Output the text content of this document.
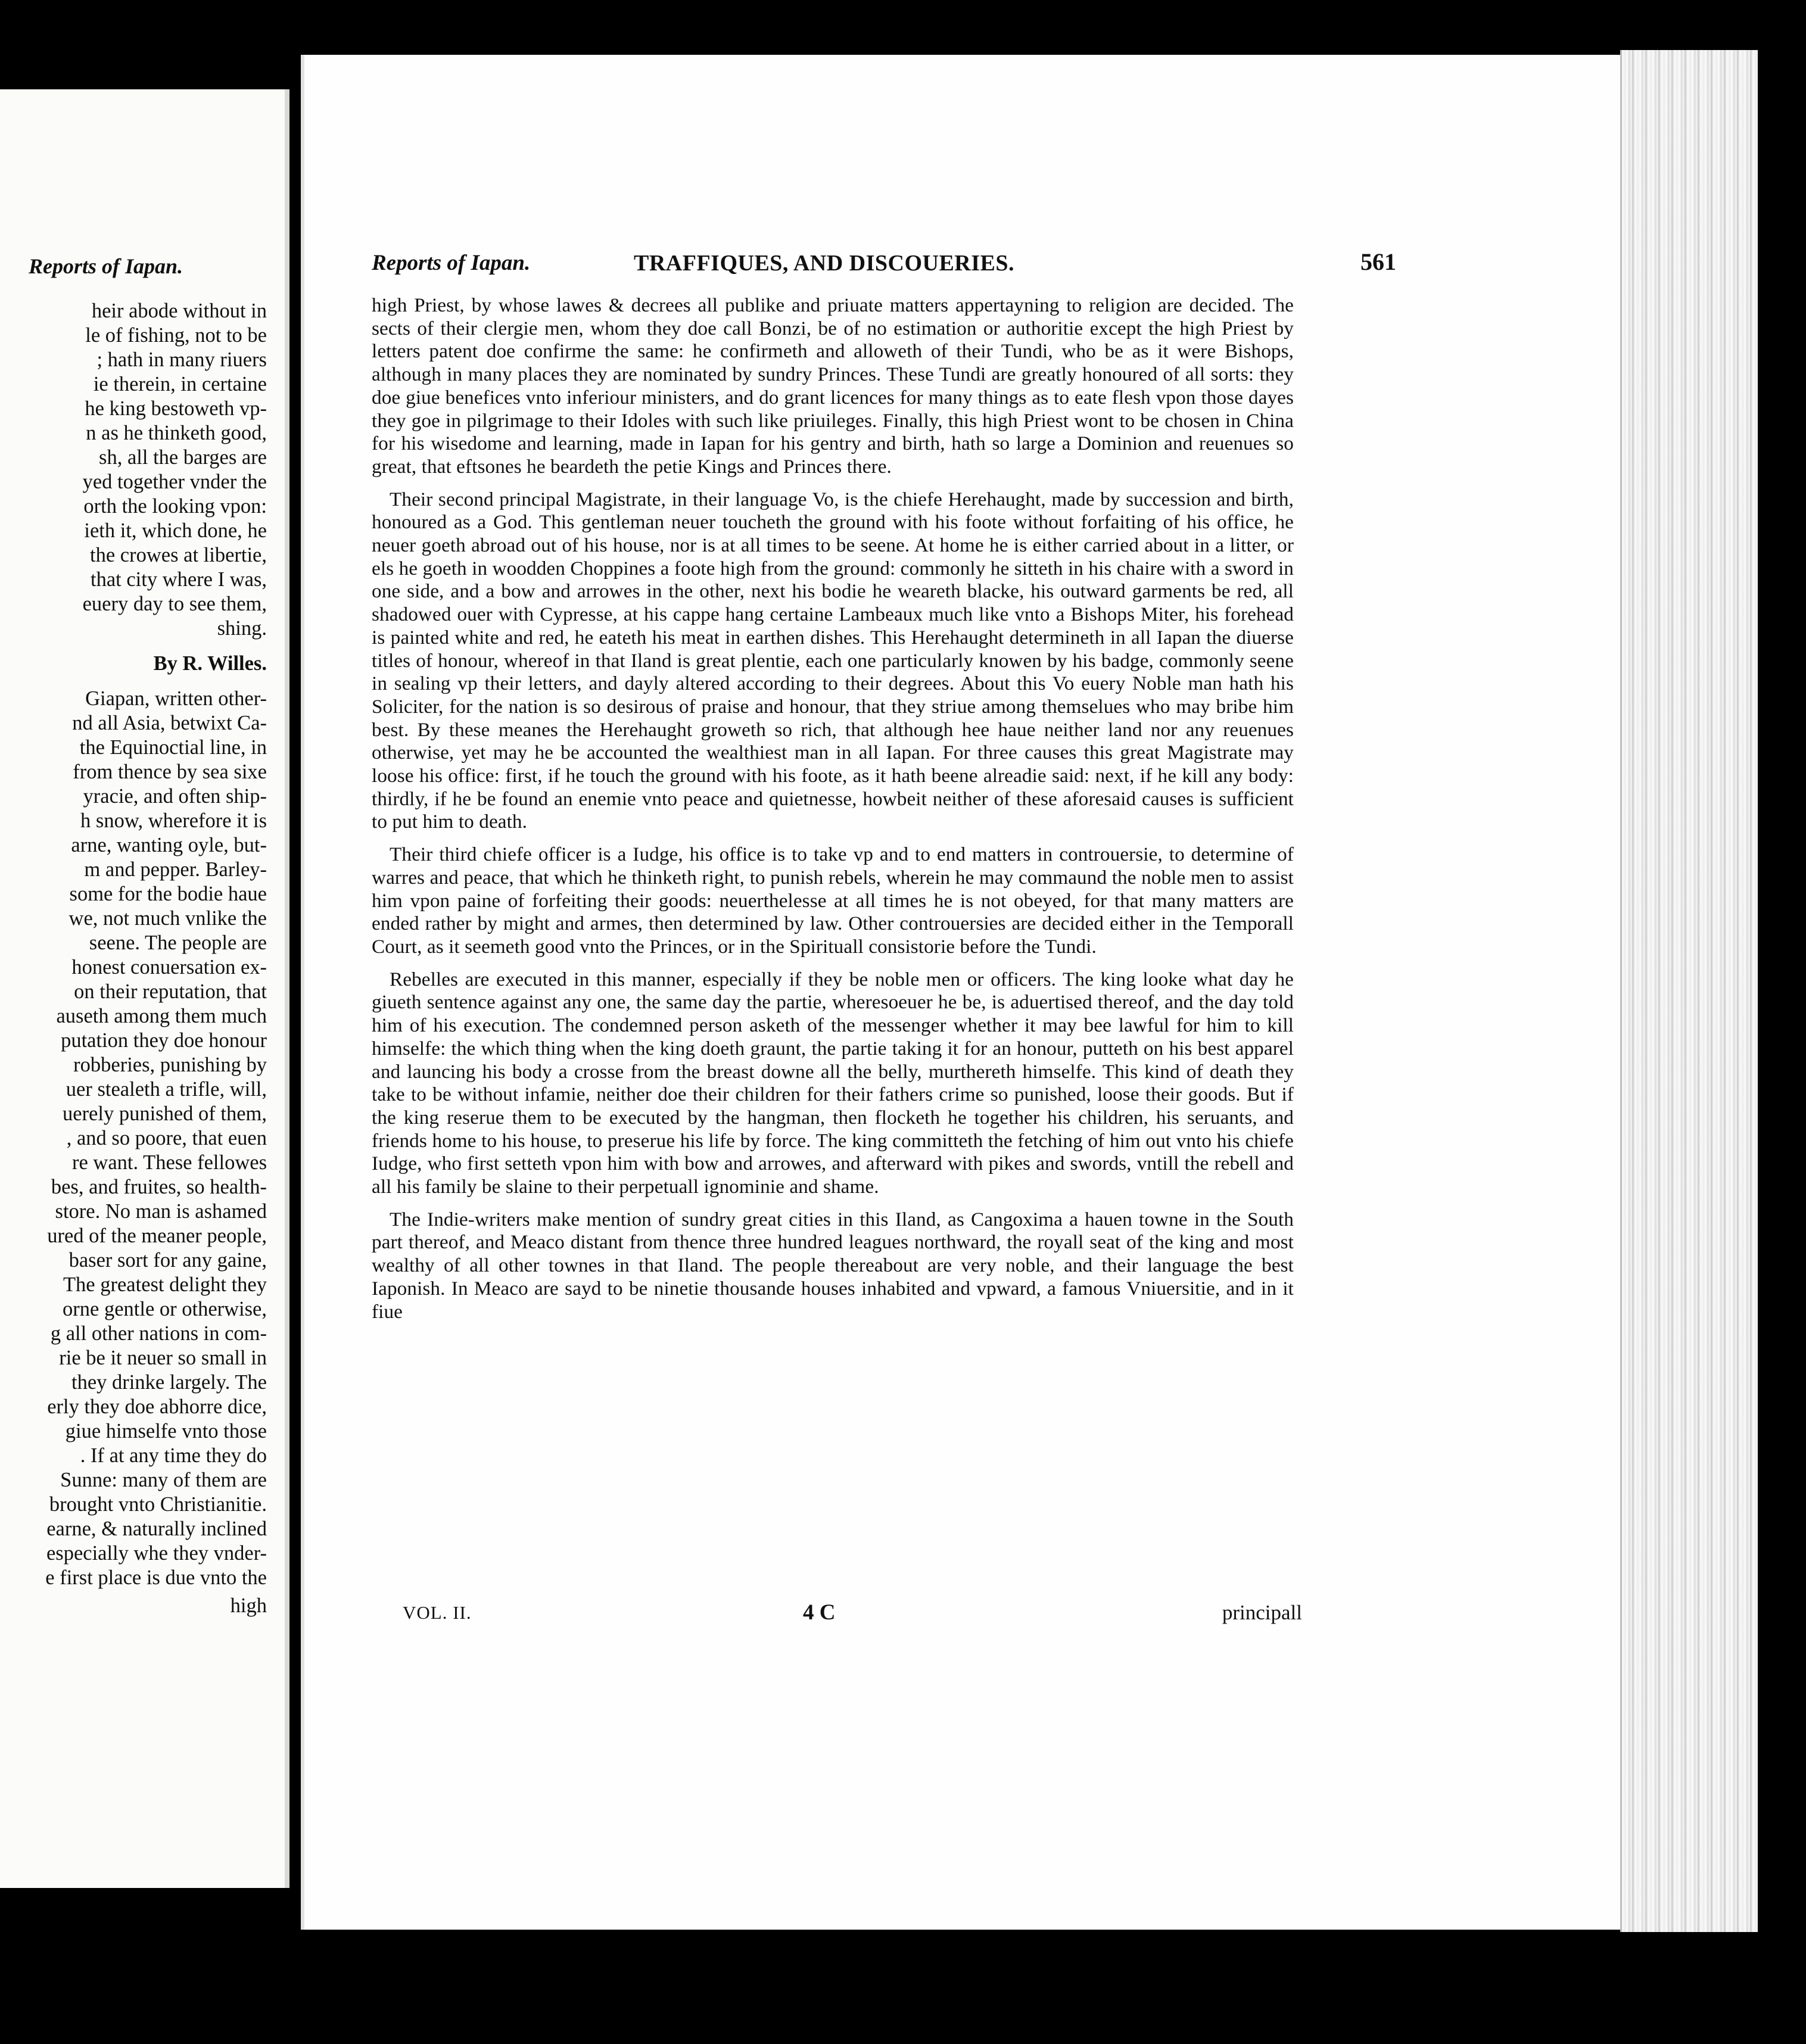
Reports of Iapan.
heir abode without in
le of fishing, not to be
; hath in many riuers
ie therein, in certaine
he king bestoweth vp-
n as he thinketh good,
sh, all the barges are
yed together vnder the
orth the looking vpon:
ieth it, which done, he
the crowes at libertie,
that city where I was,
euery day to see them,
shing.
By R. Willes.
Giapan, written other-
nd all Asia, betwixt Ca-
the Equinoctial line, in
from thence by sea sixe
yracie, and often ship-
h snow, wherefore it is
arne, wanting oyle, but-
m and pepper. Barley-
some for the bodie haue
we, not much vnlike the
seene. The people are
honest conuersation ex-
on their reputation, that
auseth among them much
putation they doe honour
robberies, punishing by
uer stealeth a trifle, will,
uerely punished of them,
, and so poore, that euen
re want. These fellowes
bes, and fruites, so health-
store. No man is ashamed
ured of the meaner people,
baser sort for any gaine,
The greatest delight they
orne gentle or otherwise,
g all other nations in com-
rie be it neuer so small in
they drinke largely. The
erly they doe abhorre dice,
giue himselfe vnto those
. If at any time they do
Sunne: many of them are
brought vnto Christianitie.
earne, & naturally inclined
especially whe they vnder-
e first place is due vnto the
high
Reports of Iapan.	TRAFFIQUES, AND DISCOUERIES.	561

high Priest, by whose lawes & decrees all publike and priuate matters appertayning to religion are decided. The sects of their clergie men, whom they doe call Bonzi, be of no estimation or authoritie except the high Priest by letters patent doe confirme the same: he confirmeth and alloweth of their Tundi, who be as it were Bishops, although in many places they are nominated by sundry Princes. These Tundi are greatly honoured of all sorts: they doe giue benefices vnto inferiour ministers, and do grant licences for many things as to eate flesh vpon those dayes they goe in pilgrimage to their Idoles with such like priuileges. Finally, this high Priest wont to be chosen in China for his wisedome and learning, made in Iapan for his gentry and birth, hath so large a Dominion and reuenues so great, that eftsones he beardeth the petie Kings and Princes there.

Their second principal Magistrate, in their language Vo, is the chiefe Herehaught, made by succession and birth, honoured as a God. This gentleman neuer toucheth the ground with his foote without forfaiting of his office, he neuer goeth abroad out of his house, nor is at all times to be seene. At home he is either carried about in a litter, or els he goeth in woodden Choppines a foote high from the ground: commonly he sitteth in his chaire with a sword in one side, and a bow and arrowes in the other, next his bodie he weareth blacke, his outward garments be red, all shadowed ouer with Cypresse, at his cappe hang certaine Lambeaux much like vnto a Bishops Miter, his forehead is painted white and red, he eateth his meat in earthen dishes. This Herehaught determineth in all Iapan the diuerse titles of honour, whereof in that Iland is great plentie, each one particularly knowen by his badge, commonly seene in sealing vp their letters, and dayly altered according to their degrees. About this Vo euery Noble man hath his Soliciter, for the nation is so desirous of praise and honour, that they striue among themselues who may bribe him best. By these meanes the Herehaught groweth so rich, that although hee haue neither land nor any reuenues otherwise, yet may he be accounted the wealthiest man in all Iapan. For three causes this great Magistrate may loose his office: first, if he touch the ground with his foote, as it hath beene alreadie said: next, if he kill any body: thirdly, if he be found an enemie vnto peace and quietnesse, howbeit neither of these aforesaid causes is sufficient to put him to death.

Their third chiefe officer is a Iudge, his office is to take vp and to end matters in controuersie, to determine of warres and peace, that which he thinketh right, to punish rebels, wherein he may commaund the noble men to assist him vpon paine of forfeiting their goods: neuerthelesse at all times he is not obeyed, for that many matters are ended rather by might and armes, then determined by law. Other controuersies are decided either in the Temporall Court, as it seemeth good vnto the Princes, or in the Spirituall consistorie before the Tundi.

Rebelles are executed in this manner, especially if they be noble men or officers. The king looke what day he giueth sentence against any one, the same day the partie, wheresoeuer he be, is aduertised thereof, and the day told him of his execution. The condemned person asketh of the messenger whether it may bee lawful for him to kill himselfe: the which thing when the king doeth graunt, the partie taking it for an honour, putteth on his best apparel and launcing his body a crosse from the breast downe all the belly, murthereth himselfe. This kind of death they take to be without infamie, neither doe their children for their fathers crime so punished, loose their goods. But if the king reserue them to be executed by the hangman, then flocketh he together his children, his seruants, and friends home to his house, to preserue his life by force. The king committeth the fetching of him out vnto his chiefe Iudge, who first setteth vpon him with bow and arrowes, and afterward with pikes and swords, vntill the rebell and all his family be slaine to their perpetuall ignominie and shame.

The Indie-writers make mention of sundry great cities in this Iland, as Cangoxima a hauen towne in the South part thereof, and Meaco distant from thence three hundred leagues northward, the royall seat of the king and most wealthy of all other townes in that Iland. The people thereabout are very noble, and their language the best Iaponish. In Meaco are sayd to be ninetie thousande houses inhabited and vpward, a famous Vniuersitie, and in it fiue

VOL. II.	4 C	principall
